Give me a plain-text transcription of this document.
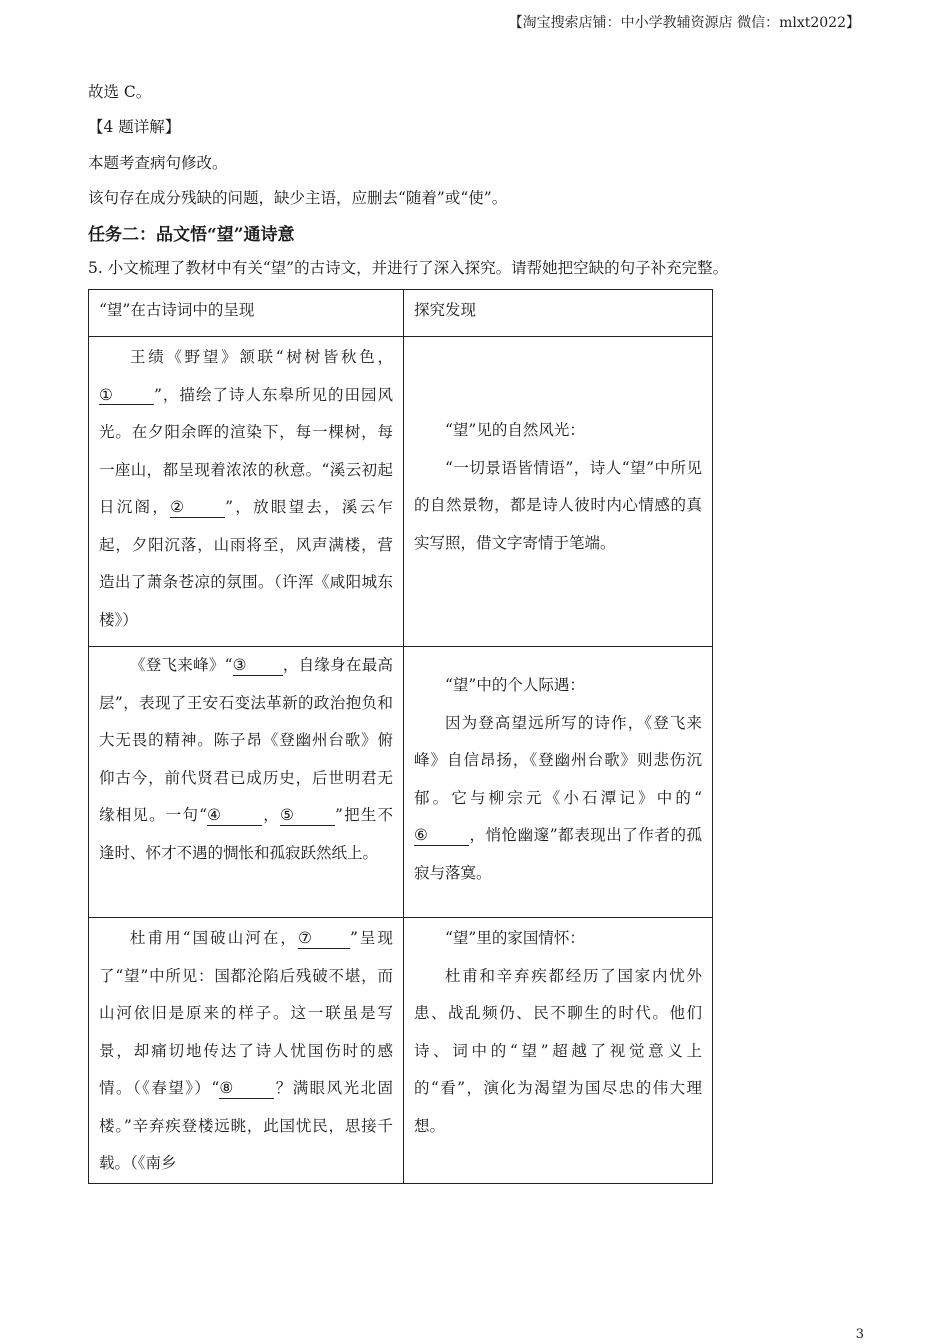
【淘宝搜索店铺：中小学教辅资源店 微信：mlxt2022】
故选 C。
【4 题详解】
本题考查病句修改。
该句存在成分残缺的问题，缺少主语，应删去“随着”或“使”。
任务二：品文悟“望”通诗意
5. 小文梳理了教材中有关“望”的古诗文，并进行了深入探究。请帮她把空缺的句子补充完整。
“望”在古诗词中的呈现	探究发现

王绩《野望》颔联“树树皆秋色，① ”，描绘了诗人东皋所见的田园风光。在夕阳余晖的渲染下，每一棵树，每一座山，都呈现着浓浓的秋意。“溪云初起日沉阁，② ”，放眼望去，溪云乍起，夕阳沉落，山雨将至，风声满楼，营造出了萧条苍凉的氛围。（许浑《咸阳城东楼》）	“望”见的自然风光：
“一切景语皆情语”，诗人“望”中所见的自然景物，都是诗人彼时内心情感的真实写照，借文字寄情于笔端。

《登飞来峰》“③ ，自缘身在最高层”，表现了王安石变法革新的政治抱负和大无畏的精神。陈子昂《登幽州台歌》俯仰古今，前代贤君已成历史，后世明君无缘相见。一句“④ ，⑤ ”把生不逢时、怀才不遇的惆怅和孤寂跃然纸上。	“望”中的个人际遇：
因为登高望远所写的诗作，《登飞来峰》自信昂扬，《登幽州台歌》则悲伤沉郁。它与柳宗元《小石潭记》中的“⑥ ，悄怆幽邃”都表现出了作者的孤寂与落寞。

杜甫用“国破山河在，⑦ ”呈现了“望”中所见：国都沦陷后残破不堪，而山河依旧是原来的样子。这一联虽是写景，却痛切地传达了诗人忧国伤时的感情。（《春望》）“⑧ ？满眼风光北固楼。”辛弃疾登楼远眺，此国忧民，思接千载。（《南乡	“望”里的家国情怀：
杜甫和辛弃疾都经历了国家内忧外患、战乱频仍、民不聊生的时代。他们诗、词中的“望”超越了视觉意义上的“看”，演化为渴望为国尽忠的伟大理想。
3
